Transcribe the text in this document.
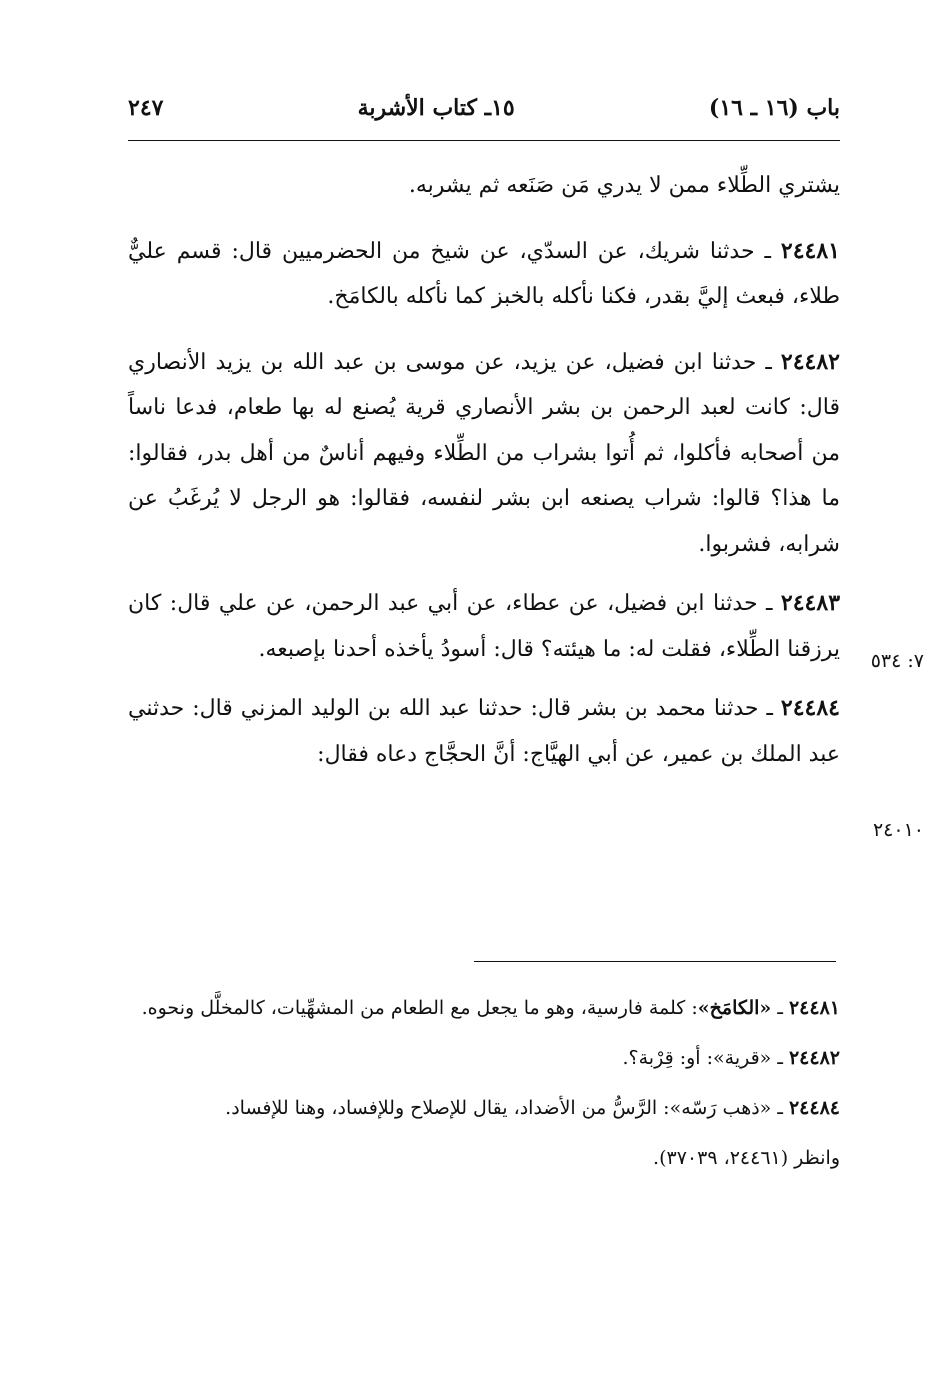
باب (١٦ ـ ١٦)
١٥ـ كتاب الأشربة
٢٤٧

يشتري الطِّلاء ممن لا يدري مَن صَنَعه ثم يشربه.

٢٤٤٨١ ـ حدثنا شريك، عن السدّي، عن شيخ من الحضرميين قال: قسم عليٌّ طلاء، فبعث إليَّ بقدر، فكنا نأكله بالخبز كما نأكله بالكامَخ.

٢٤٤٨٢ ـ حدثنا ابن فضيل، عن يزيد، عن موسى بن عبد الله بن يزيد الأنصاري قال: كانت لعبد الرحمن بن بشر الأنصاري قرية يُصنع له بها طعام، فدعا ناساً من أصحابه فأكلوا، ثم أُتوا بشراب من الطِّلاء وفيهم أناسٌ من أهل بدر، فقالوا: ما هذا؟ قالوا: شراب يصنعه ابن بشر لنفسه، فقالوا: هو الرجل لا يُرغَبُ عن شرابه، فشربوا.

٢٤٤٨٣ ـ حدثنا ابن فضيل، عن عطاء، عن أبي عبد الرحمن، عن علي قال: كان يرزقنا الطِّلاء، فقلت له: ما هيئته؟ قال: أسودُ يأخذه أحدنا بإصبعه.

٢٤٤٨٤ ـ حدثنا محمد بن بشر قال: حدثنا عبد الله بن الوليد المزني قال: حدثني عبد الملك بن عمير، عن أبي الهيَّاج: أنَّ الحجَّاج دعاه فقال:

٧: ٥٣٤
٢٤٠١٠

٢٤٤٨١ ـ «الكامَخ»: كلمة فارسية، وهو ما يجعل مع الطعام من المشهِّيات، كالمخلَّل ونحوه.

٢٤٤٨٢ ـ «قرية»: أو: قِرْبة؟.

٢٤٤٨٤ ـ «ذهب رَسّه»: الرَّسُّ من الأضداد، يقال للإصلاح وللإفساد، وهنا للإفساد.

وانظر (٢٤٤٦١، ٣٧٠٣٩).
